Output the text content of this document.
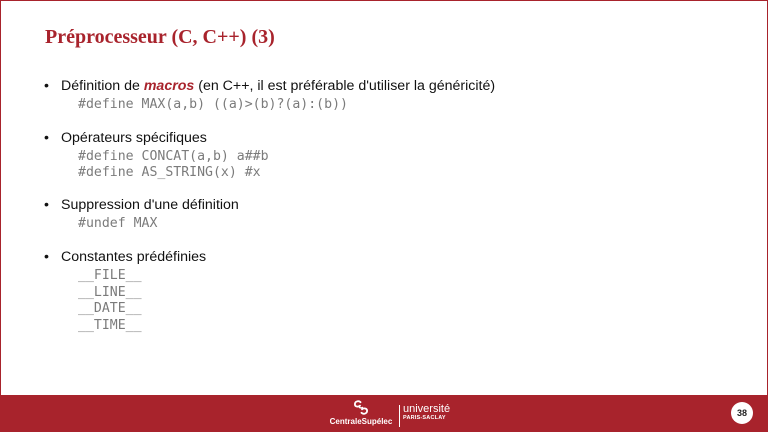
Préprocesseur (C, C++) (3)

• Définition de macros (en C++, il est préférable d'utiliser la généricité)

#define MAX(a,b) ((a)>(b)?(a):(b))

• Opérateurs spécifiques

#define CONCAT(a,b) a##b
#define AS_STRING(x) #x

• Suppression d'une définition

#undef MAX

• Constantes prédéfinies

__FILE__
__LINE__
__DATE__
__TIME__
CentraleSupélec
université
PARIS-SACLAY	38
